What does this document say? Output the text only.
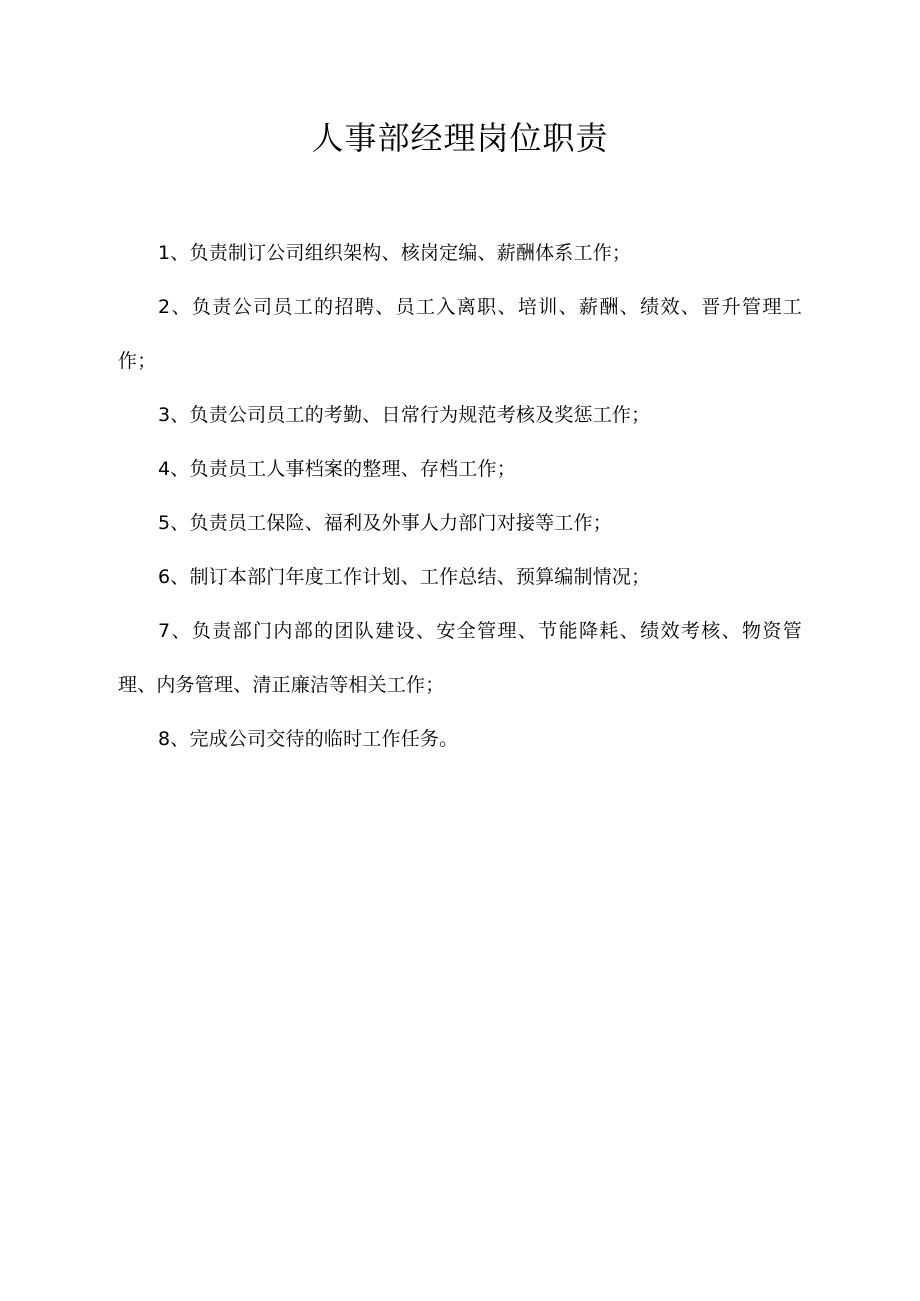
人事部经理岗位职责
1、负责制订公司组织架构、核岗定编、薪酬体系工作；
2、负责公司员工的招聘、员工入离职、培训、薪酬、绩效、晋升管理工作；
3、负责公司员工的考勤、日常行为规范考核及奖惩工作；
4、负责员工人事档案的整理、存档工作；
5、负责员工保险、福利及外事人力部门对接等工作；
6、制订本部门年度工作计划、工作总结、预算编制情况；
7、负责部门内部的团队建设、安全管理、节能降耗、绩效考核、物资管理、内务管理、清正廉洁等相关工作；
8、完成公司交待的临时工作任务。
